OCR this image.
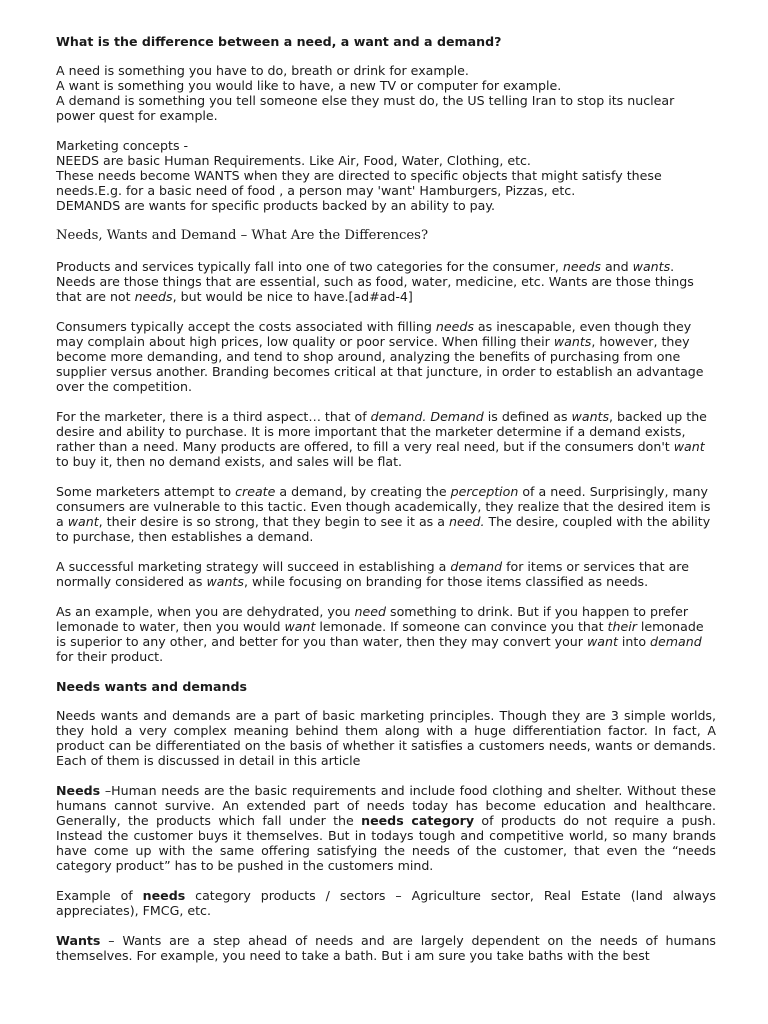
What is the difference between a need, a want and a demand?

A need is something you have to do, breath or drink for example.

A want is something you would like to have, a new TV or computer for example.

A demand is something you tell someone else they must do, the US telling Iran to stop its nuclear power quest for example.

Marketing concepts -

NEEDS are basic Human Requirements. Like Air, Food, Water, Clothing, etc.

These needs become WANTS when they are directed to specific objects that might satisfy these needs.E.g. for a basic need of food , a person may 'want' Hamburgers, Pizzas, etc.

DEMANDS are wants for specific products backed by an ability to pay.

Needs, Wants and Demand – What Are the Differences?

Products and services typically fall into one of two categories for the consumer, needs and wants. Needs are those things that are essential, such as food, water, medicine, etc. Wants are those things that are not needs, but would be nice to have.[ad#ad-4]

Consumers typically accept the costs associated with filling needs as inescapable, even though they may complain about high prices, low quality or poor service. When filling their wants, however, they become more demanding, and tend to shop around, analyzing the benefits of purchasing from one supplier versus another. Branding becomes critical at that juncture, in order to establish an advantage over the competition.

For the marketer, there is a third aspect… that of demand. Demand is defined as wants, backed up the desire and ability to purchase. It is more important that the marketer determine if a demand exists, rather than a need. Many products are offered, to fill a very real need, but if the consumers don't want to buy it, then no demand exists, and sales will be flat.

Some marketers attempt to create a demand, by creating the perception of a need. Surprisingly, many consumers are vulnerable to this tactic. Even though academically, they realize that the desired item is a want, their desire is so strong, that they begin to see it as a need. The desire, coupled with the ability to purchase, then establishes a demand.

A successful marketing strategy will succeed in establishing a demand for items or services that are normally considered as wants, while focusing on branding for those items classified as needs.

As an example, when you are dehydrated, you need something to drink. But if you happen to prefer lemonade to water, then you would want lemonade. If someone can convince you that their lemonade is superior to any other, and better for you than water, then they may convert your want into demand for their product.

Needs wants and demands

Needs wants and demands are a part of basic marketing principles. Though they are 3 simple worlds, they hold a very complex meaning behind them along with a huge differentiation factor. In fact, A product can be differentiated on the basis of whether it satisfies a customers needs, wants or demands. Each of them is discussed in detail in this article

Needs –Human needs are the basic requirements and include food clothing and shelter. Without these humans cannot survive. An extended part of needs today has become education and healthcare. Generally, the products which fall under the needs category of products do not require a push. Instead the customer buys it themselves. But in todays tough and competitive world, so many brands have come up with the same offering satisfying the needs of the customer, that even the “needs category product” has to be pushed in the customers mind.

Example of needs category products / sectors – Agriculture sector, Real Estate (land always appreciates), FMCG, etc.

Wants – Wants are a step ahead of needs and are largely dependent on the needs of humans themselves. For example, you need to take a bath. But i am sure you take baths with the best
